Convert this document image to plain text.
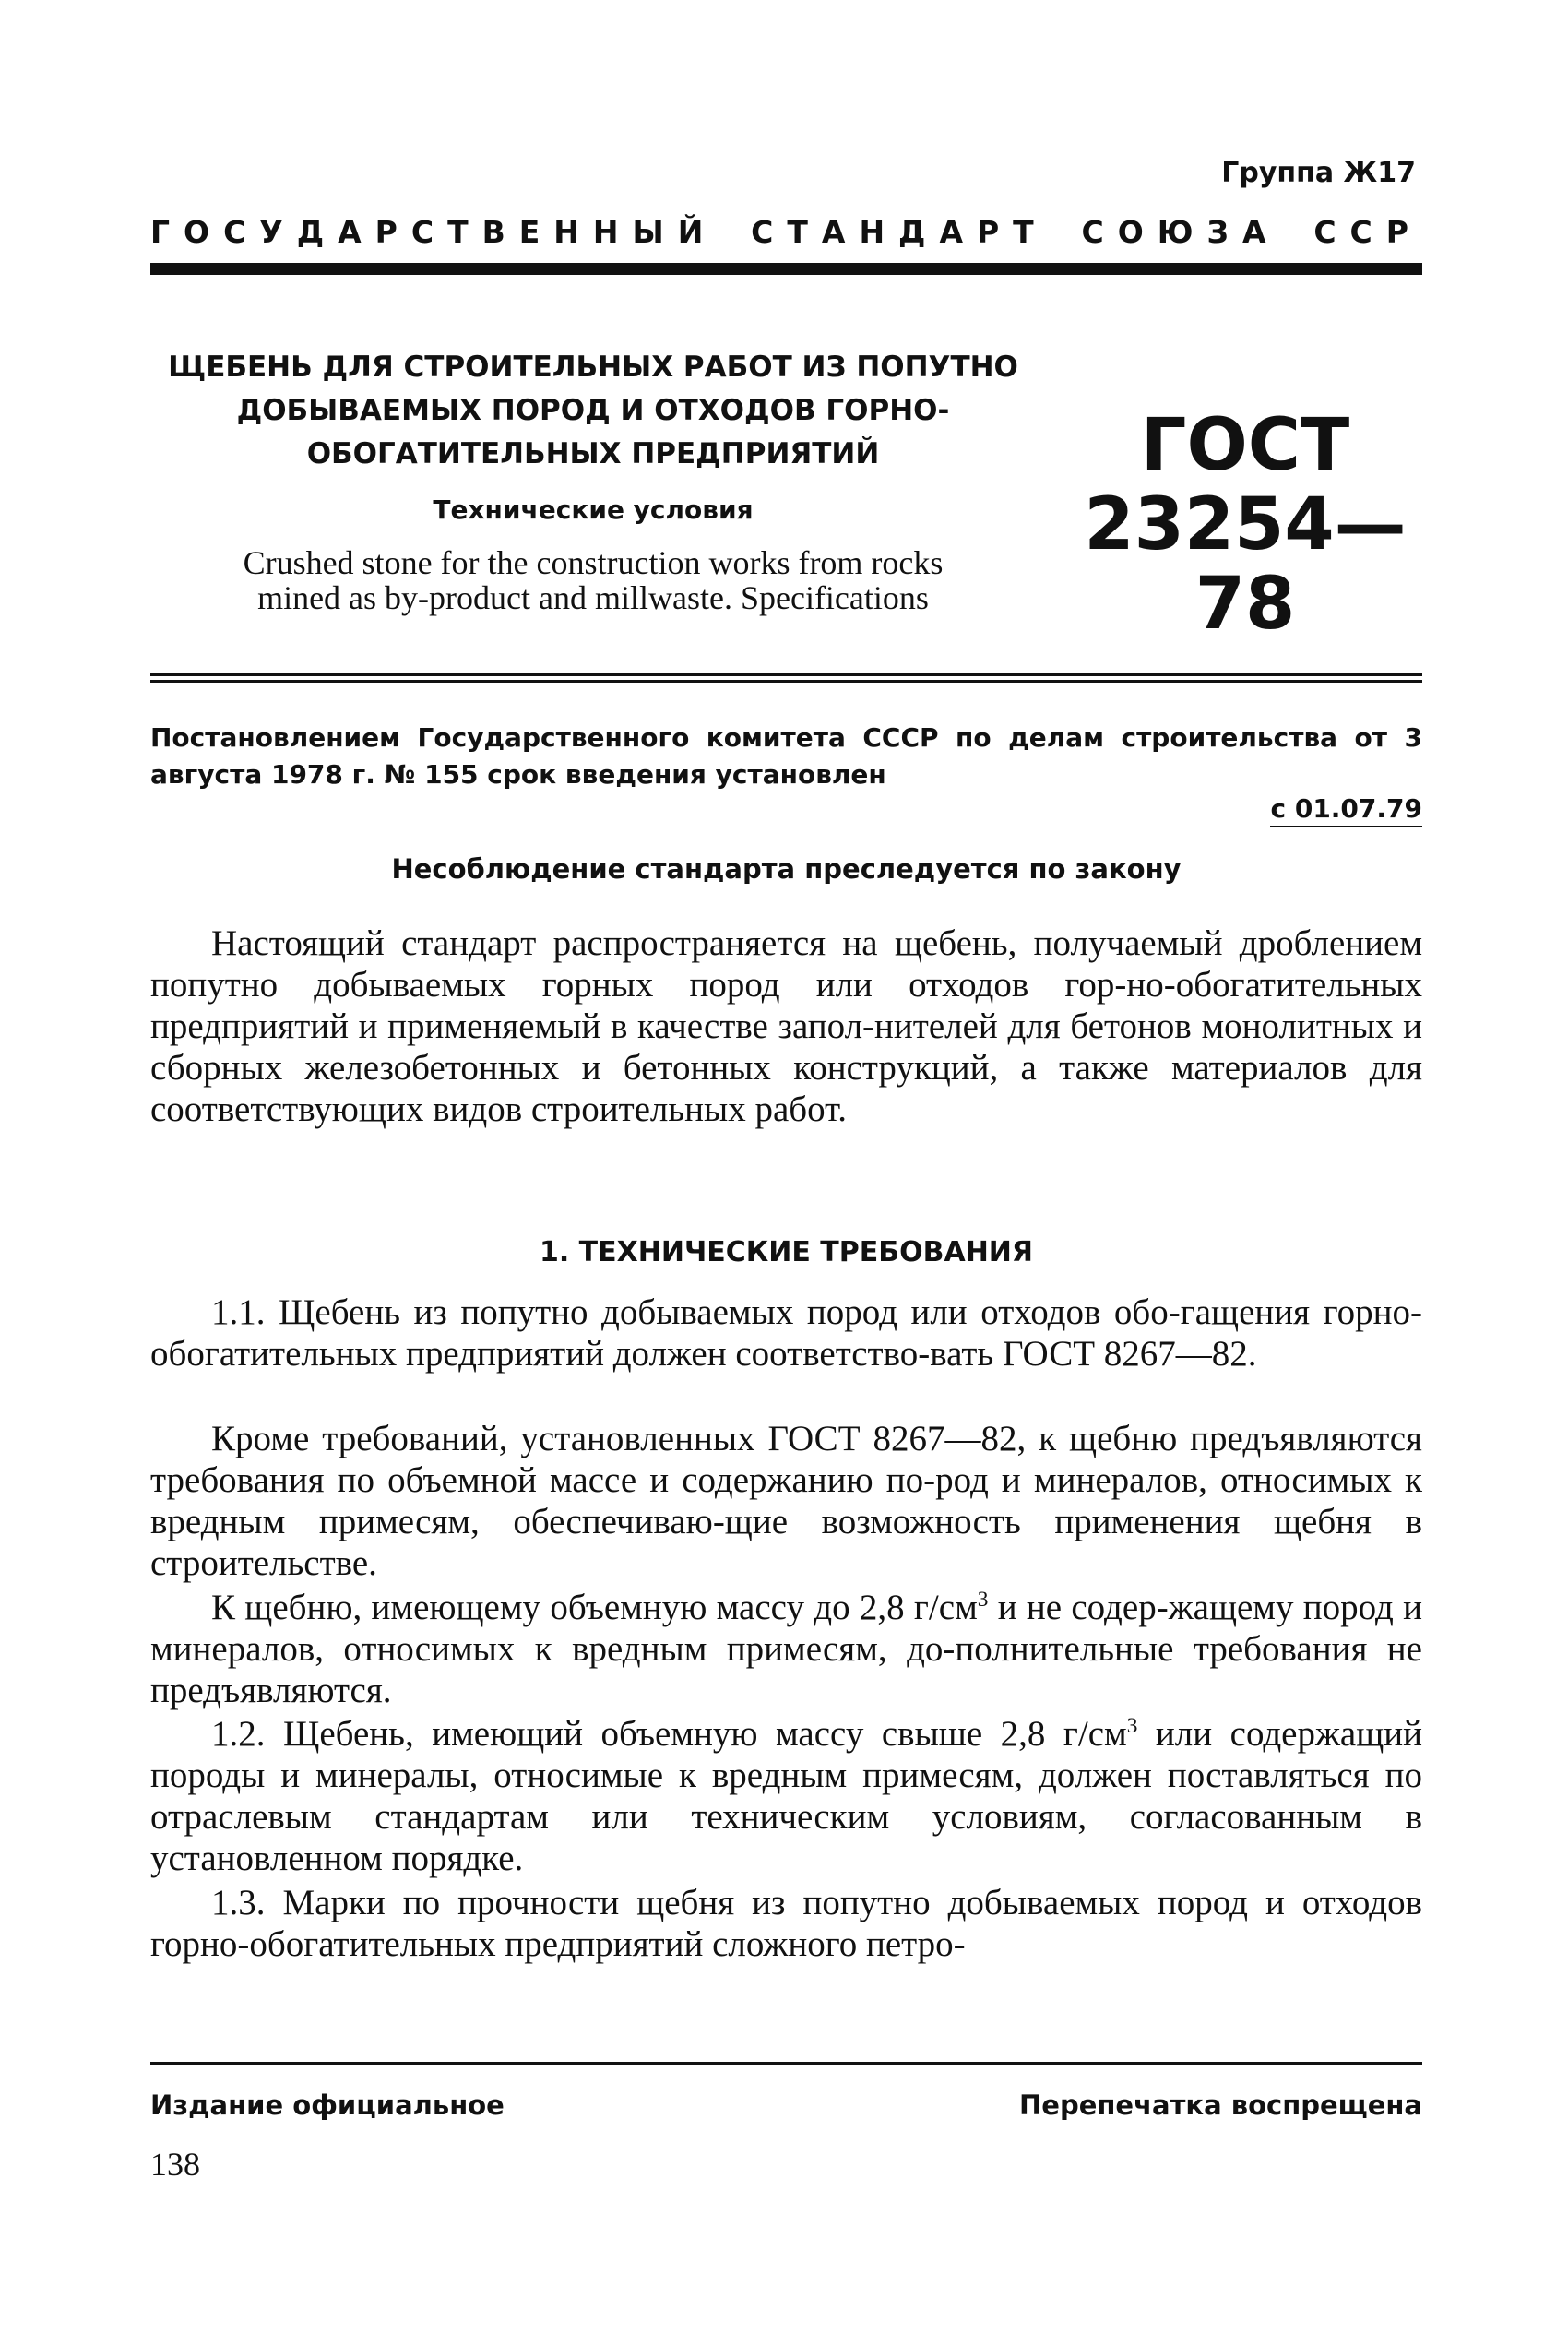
Группа Ж17
ГОСУДАРСТВЕННЫЙ СТАНДАРТ СОЮЗА ССР
ЩЕБЕНЬ ДЛЯ СТРОИТЕЛЬНЫХ РАБОТ ИЗ ПОПУТНО
ДОБЫВАЕМЫХ ПОРОД И ОТХОДОВ ГОРНО-
ОБОГАТИТЕЛЬНЫХ ПРЕДПРИЯТИЙ
Технические условия
Crushed stone for the construction works from rocks
mined as by-product and millwaste. Specifications
ГОСТ
23254—78
Постановлением Государственного комитета СССР по делам строительства от 3 августа 1978 г. № 155 срок введения установлен
с 01.07.79
Несоблюдение стандарта преследуется по закону

Настоящий стандарт распространяется на щебень, получаемый дроблением попутно добываемых горных пород или отходов гор-но-обогатительных предприятий и применяемый в качестве запол-нителей для бетонов монолитных и сборных железобетонных и бетонных конструкций, а также материалов для соответствующих видов строительных работ.

1. ТЕХНИЧЕСКИЕ ТРЕБОВАНИЯ

1.1. Щебень из попутно добываемых пород или отходов обо-гащения горно-обогатительных предприятий должен соответство-вать ГОСТ 8267—82.

Кроме требований, установленных ГОСТ 8267—82, к щебню предъявляются требования по объемной массе и содержанию по-род и минералов, относимых к вредным примесям, обеспечиваю-щие возможность применения щебня в строительстве.

К щебню, имеющему объемную массу до 2,8 $г/см^3$ и не содер-жащему пород и минералов, относимых к вредным примесям, до-полнительные требования не предъявляются.

1.2. Щебень, имеющий объемную массу свыше 2,8 $г/см^3$ или содержащий породы и минералы, относимые к вредным примесям, должен поставляться по отраслевым стандартам или техническим условиям, согласованным в установленном порядке.

1.3. Марки по прочности щебня из попутно добываемых пород и отходов горно-обогатительных предприятий сложного петро-

Издание официальное	Перепечатка воспрещена
138
